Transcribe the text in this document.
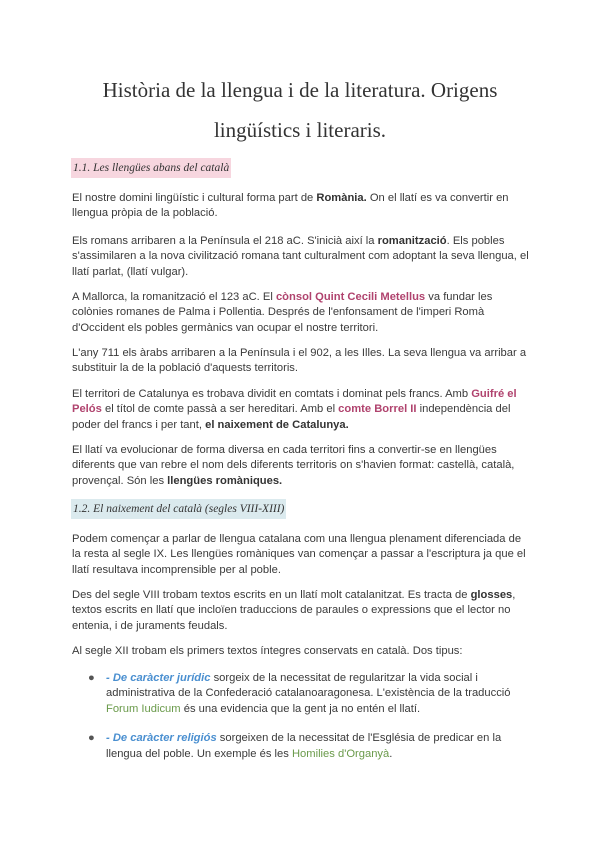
Història de la llengua i de la literatura. Origens lingüístics i literaris.
1.1. Les llengües abans del català

El nostre domini lingüístic i cultural forma part de Romània. On el llatí es va convertir en llengua pròpia de la població.

Els romans arribaren a la Península el 218 aC. S'inicià així la romanització. Els pobles s'assimilaren a la nova civilització romana tant culturalment com adoptant la seva llengua, el llatí parlat, (llatí vulgar).

A Mallorca, la romanització el 123 aC. El cònsol Quint Cecili Metellus va fundar les colònies romanes de Palma i Pollentia. Després de l'enfonsament de l'imperi Romà d'Occident els pobles germànics van ocupar el nostre territori.

L'any 711 els àrabs arribaren a la Península i el 902, a les Illes. La seva llengua va arribar a substituir la de la població d'aquests territoris.

El territori de Catalunya es trobava dividit en comtats i dominat pels francs. Amb Guifré el Pelós el títol de comte passà a ser hereditari. Amb el comte Borrel II independència del poder del francs i per tant, el naixement de Catalunya.

El llatí va evolucionar de forma diversa en cada territori fins a convertir-se en llengües diferents que van rebre el nom dels diferents territoris on s'havien format: castellà, català, provençal. Són les llengües romàniques.

1.2. El naixement del català (segles VIII-XIII)

Podem començar a parlar de llengua catalana com una llengua plenament diferenciada de la resta al segle IX. Les llengües romàniques van començar a passar a l'escriptura ja que el llatí resultava incomprensible per al poble.

Des del segle VIII trobam textos escrits en un llatí molt catalanitzat. Es tracta de glosses, textos escrits en llatí que incloïen traduccions de paraules o expressions que el lector no entenia, i de juraments feudals.

Al segle XII trobam els primers textos íntegres conservats en català. Dos tipus:

● - De caràcter jurídic sorgeix de la necessitat de regularitzar la vida social i administrativa de la Confederació catalanoaragonesa. L'existència de la traducció Forum Iudicum és una evidencia que la gent ja no entén el llatí.
● - De caràcter religiós sorgeixen de la necessitat de l'Església de predicar en la llengua del poble. Un exemple és les Homilies d'Organyà.
